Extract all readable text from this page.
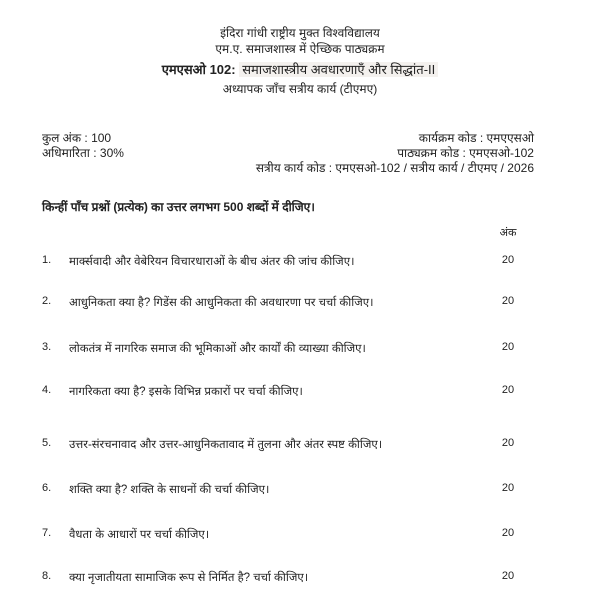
इंदिरा गांधी राष्ट्रीय मुक्त विश्वविद्यालय
एम.ए. समाजशास्त्र में ऐच्छिक पाठ्यक्रम
एमएसओ 102: समाजशास्त्रीय अवधारणाएँ और सिद्धांत-II
अध्यापक जाँच सत्रीय कार्य (टीएमए)
कुल अंक : 100
अधिमारिता : 30%
कार्यक्रम कोड : एमएएसओ
पाठ्यक्रम कोड : एमएसओ-102
सत्रीय कार्य कोड : एमएसओ-102 / सत्रीय कार्य / टीएमए / 2026
किन्हीं पाँच प्रश्नों (प्रत्येक) का उत्तर लगभग 500 शब्दों में दीजिए।
अंक
1. मार्क्सवादी और वेबेरियन विचारधाराओं के बीच अंतर की जांच कीजिए।	20
2. आधुनिकता क्या है? गिडेंस की आधुनिकता की अवधारणा पर चर्चा कीजिए।	20
3. लोकतंत्र में नागरिक समाज की भूमिकाओं और कार्यों की व्याख्या कीजिए।	20
4. नागरिकता क्या है? इसके विभिन्न प्रकारों पर चर्चा कीजिए।	20
5. उत्तर-संरचनावाद और उत्तर-आधुनिकतावाद में तुलना और अंतर स्पष्ट कीजिए।	20
6. शक्ति क्या है? शक्ति के साधनों की चर्चा कीजिए।	20
7. वैधता के आधारों पर चर्चा कीजिए।	20
8. क्या नृजातीयता सामाजिक रूप से निर्मित है? चर्चा कीजिए।	20
